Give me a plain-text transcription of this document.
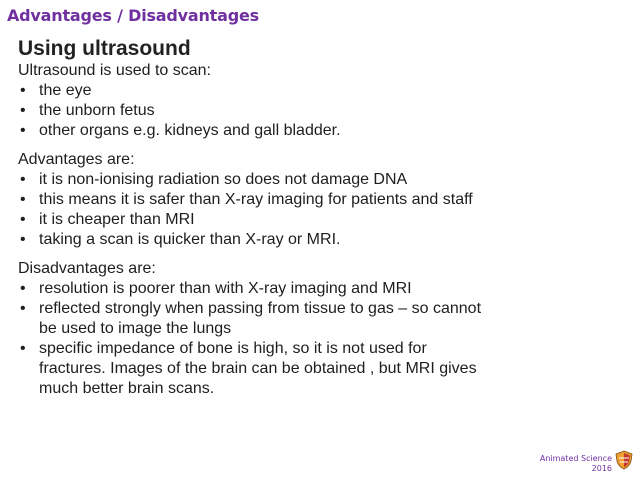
Advantages / Disadvantages
Using ultrasound

Ultrasound is used to scan:

• the eye
• the unborn fetus
• other organs e.g. kidneys and gall bladder.

Advantages are:

• it is non-ionising radiation so does not damage DNA
• this means it is safer than X-ray imaging for patients and staff
• it is cheaper than MRI
• taking a scan is quicker than X-ray or MRI.

Disadvantages are:

• resolution is poorer than with X-ray imaging and MRI
• reflected strongly when passing from tissue to gas – so cannot be used to image the lungs
• specific impedance of bone is high, so it is not used for fractures. Images of the brain can be obtained , but MRI gives much better brain scans.
Animated Science
2016
